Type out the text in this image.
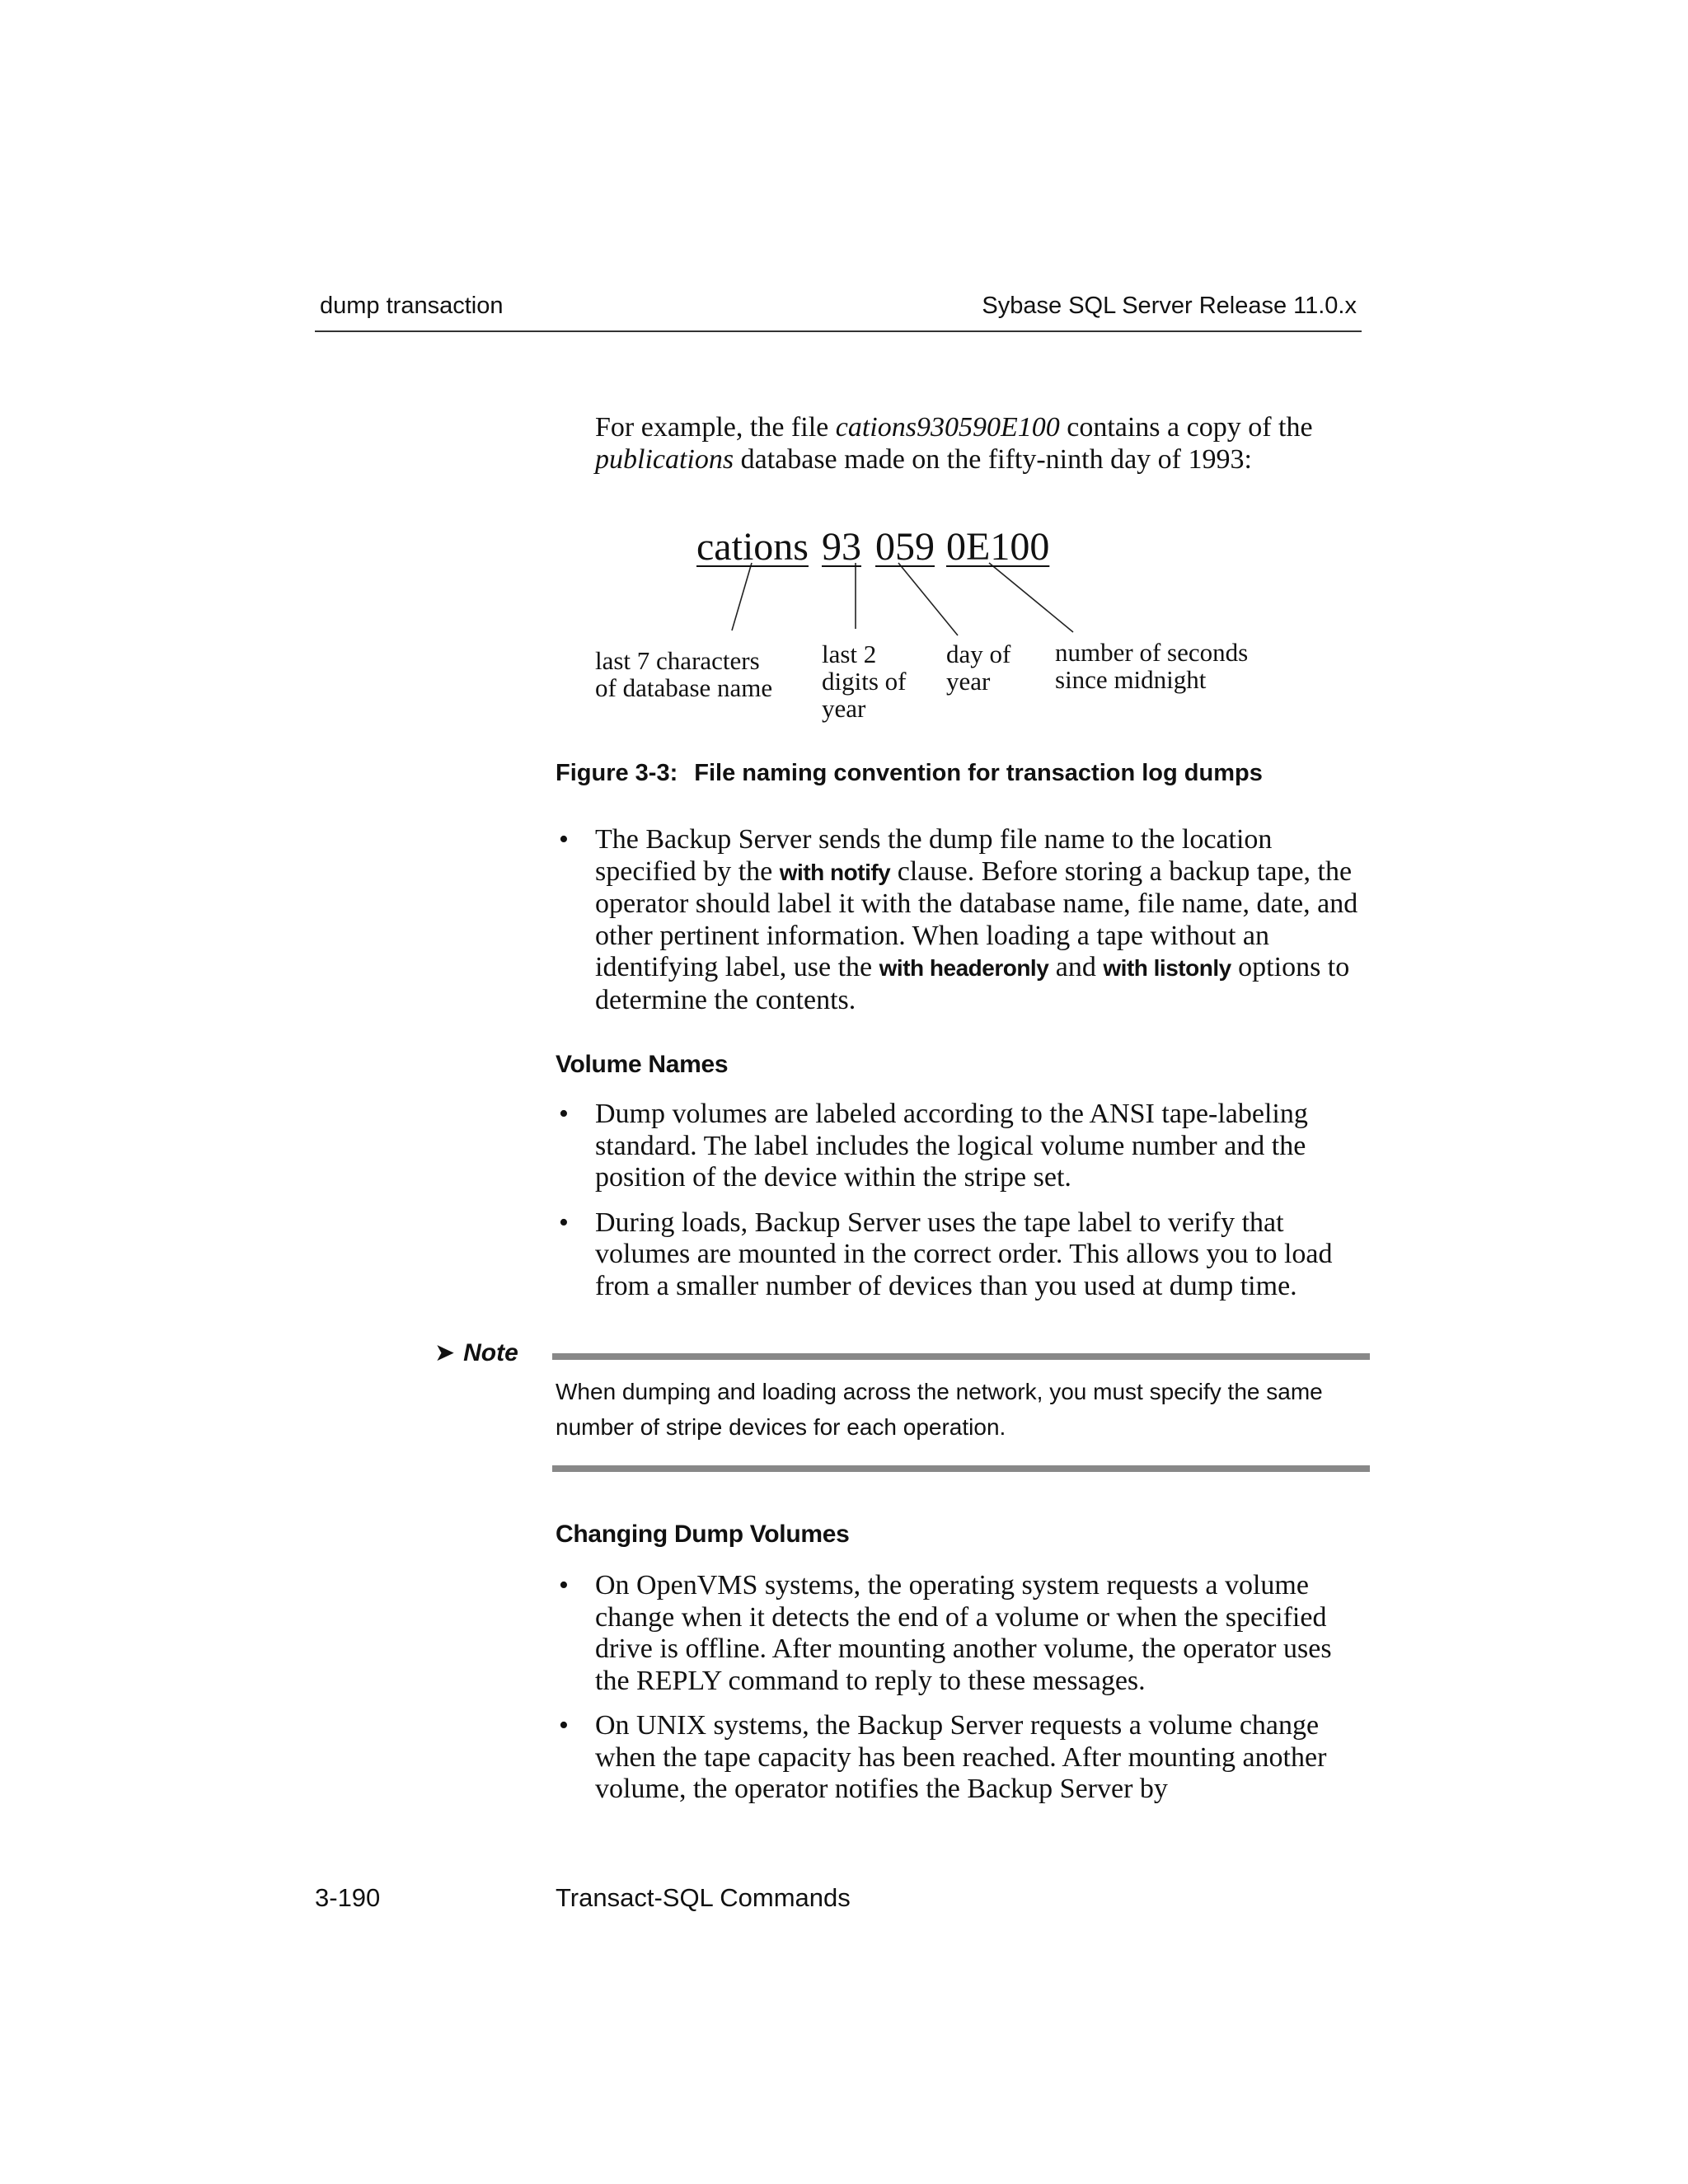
dump transaction	Sybase SQL Server Release 11.0.x

For example, the file cations930590E100 contains a copy of the
publications database made on the fifty-ninth day of 1993:

cations 93 059 0E100
last 7 characters
of database name
last 2
digits of
year
day of
year
number of seconds
since midnight
Figure 3-3: File naming convention for transaction log dumps
• The Backup Server sends the dump file name to the location specified by the with notify clause. Before storing a backup tape, the operator should label it with the database name, file name, date, and other pertinent information. When loading a tape without an identifying label, use the with headeronly and with listonly options to determine the contents.
Volume Names
• Dump volumes are labeled according to the ANSI tape-labeling standard. The label includes the logical volume number and the position of the device within the stripe set.
• During loads, Backup Server uses the tape label to verify that volumes are mounted in the correct order. This allows you to load from a smaller number of devices than you used at dump time.
➤ Note
When dumping and loading across the network, you must specify the same number of stripe devices for each operation.
Changing Dump Volumes
• On OpenVMS systems, the operating system requests a volume change when it detects the end of a volume or when the specified drive is offline. After mounting another volume, the operator uses the REPLY command to reply to these messages.
• On UNIX systems, the Backup Server requests a volume change when the tape capacity has been reached. After mounting another volume, the operator notifies the Backup Server by
3-190	Transact-SQL Commands
